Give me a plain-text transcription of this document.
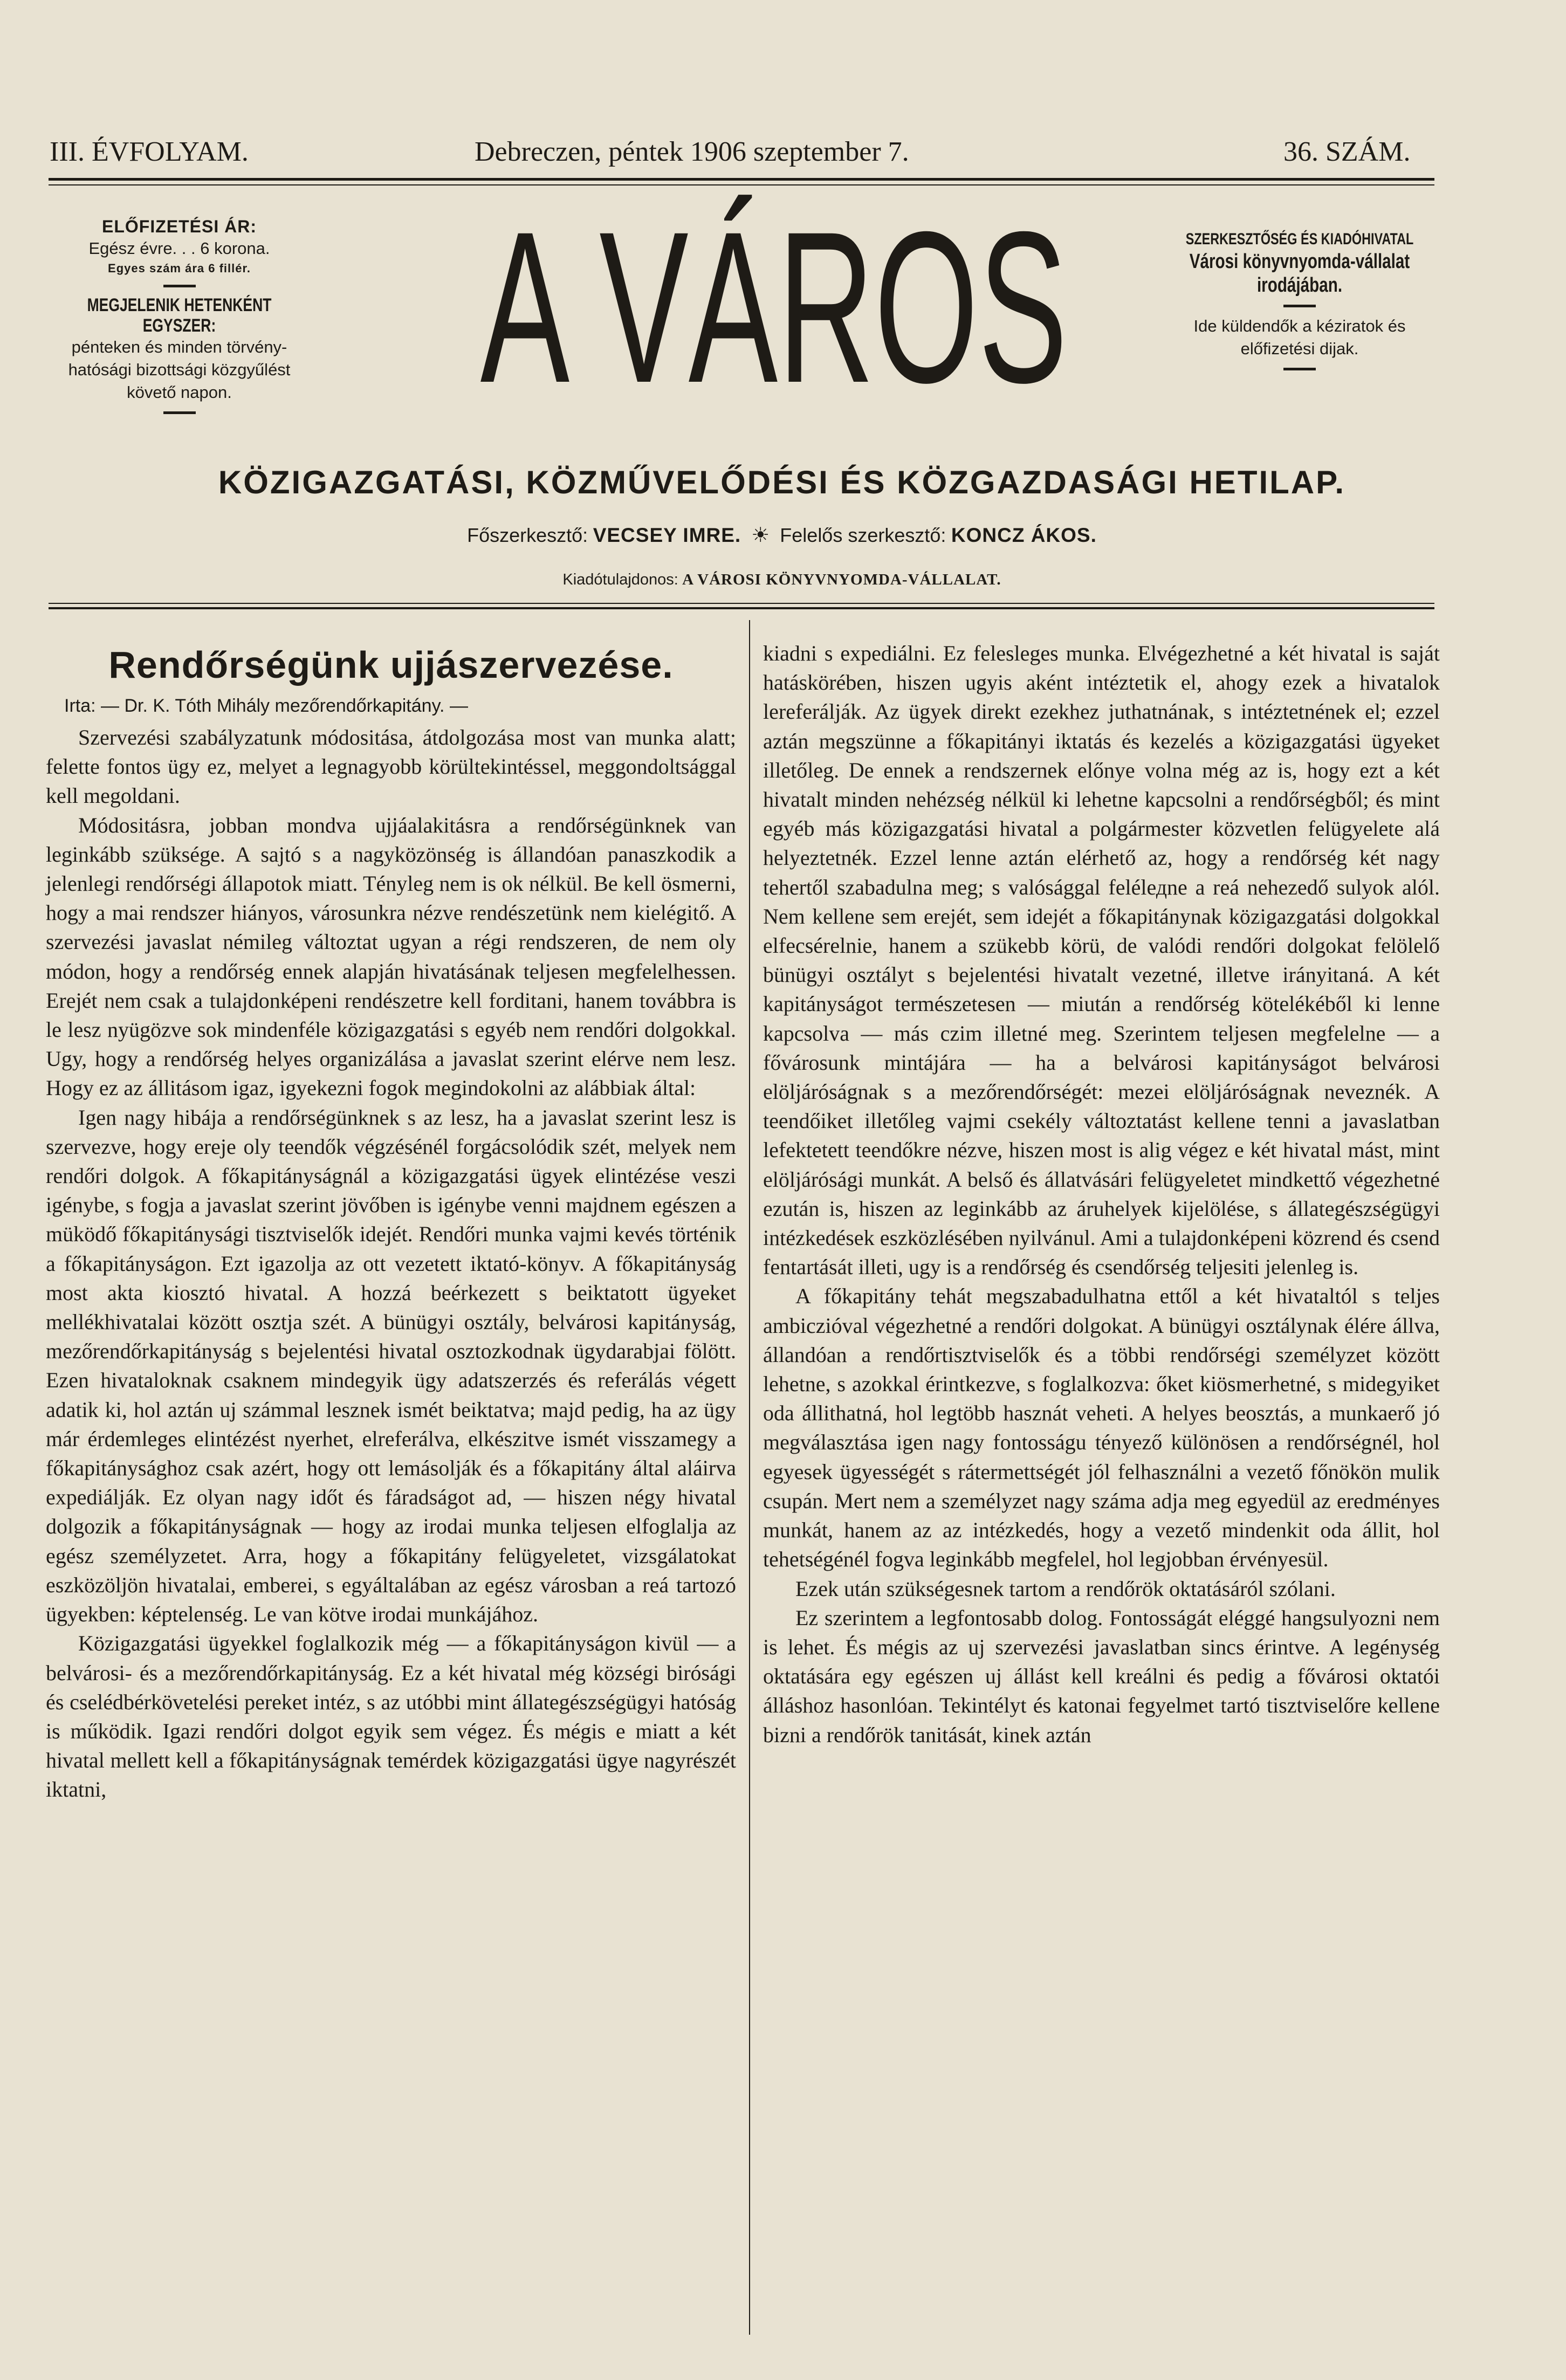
III. ÉVFOLYAM.	Debreczen, péntek 1906 szeptember 7.	36. SZÁM.
ELŐFIZETÉSI ÁR:
Egész évre. . . 6 korona.
Egyes szám ára 6 fillér.
MEGJELENIK HETENKÉNT EGYSZER:
pénteken és minden törvény-
hatósági bizottsági közgyűlést
követő napon.	A VÁROS	SZERKESZTŐSÉG ÉS KIADÓHIVATAL
Városi könyvnyomda-vállalat
irodájában.
Ide küldendők a kéziratok és
előfizetési dijak.
KÖZIGAZGATÁSI, KÖZMŰVELŐDÉSI ÉS KÖZGAZDASÁGI HETILAP.
Főszerkesztő: VECSEY IMRE. ☀ Felelős szerkesztő: KONCZ ÁKOS.
Kiadótulajdonos: A VÁROSI KÖNYVNYOMDA-VÁLLALAT.
Rendőrségünk ujjászervezése.
Irta: — Dr. K. Tóth Mihály mezőrendőrkapitány. —

Szervezési szabályzatunk módositása, átdolgozása most van munka alatt; felette fontos ügy ez, melyet a legnagyobb körültekintéssel, meggondoltsággal kell megoldani.

Módositásra, jobban mondva ujjáalakitásra a rendőrségünknek van leginkább szüksége. A sajtó s a nagyközönség is állandóan panaszkodik a jelenlegi rendőrségi állapotok miatt. Tényleg nem is ok nélkül. Be kell ösmerni, hogy a mai rendszer hiányos, városunkra nézve rendészetünk nem kielégitő. A szervezési javaslat némileg változtat ugyan a régi rendszeren, de nem oly módon, hogy a rendőrség ennek alapján hivatásának teljesen megfelelhessen. Erejét nem csak a tulajdonképeni rendészetre kell forditani, hanem továbbra is le lesz nyügözve sok mindenféle közigazgatási s egyéb nem rendőri dolgokkal. Ugy, hogy a rendőrség helyes organizálása a javaslat szerint elérve nem lesz. Hogy ez az állitásom igaz, igyekezni fogok megindokolni az alábbiak által:

Igen nagy hibája a rendőrségünknek s az lesz, ha a javaslat szerint lesz is szervezve, hogy ereje oly teendők végzésénél forgácsolódik szét, melyek nem rendőri dolgok. A főkapitányságnál a közigazgatási ügyek elintézése veszi igénybe, s fogja a javaslat szerint jövőben is igénybe venni majdnem egészen a müködő főkapitánysági tisztviselők idejét. Rendőri munka vajmi kevés történik a főkapitányságon. Ezt igazolja az ott vezetett iktató-könyv. A főkapitányság most akta kiosztó hivatal. A hozzá beérkezett s beiktatott ügyeket mellékhivatalai között osztja szét. A bünügyi osztály, belvárosi kapitányság, mezőrendőrkapitányság s bejelentési hivatal osztozkodnak ügydarabjai fölött. Ezen hivataloknak csaknem mindegyik ügy adatszerzés és referálás végett adatik ki, hol aztán uj számmal lesznek ismét beiktatva; majd pedig, ha az ügy már érdemleges elintézést nyerhet, elreferálva, elkészitve ismét visszamegy a főkapitánysághoz csak azért, hogy ott lemásolják és a főkapitány által aláirva expediálják. Ez olyan nagy időt és fáradságot ad, — hiszen négy hivatal dolgozik a főkapitányságnak — hogy az irodai munka teljesen elfoglalja az egész személyzetet. Arra, hogy a főkapitány felügyeletet, vizsgálatokat eszközöljön hivatalai, emberei, s egyáltalában az egész városban a reá tartozó ügyekben: képtelenség. Le van kötve irodai munkájához.

Közigazgatási ügyekkel foglalkozik még — a főkapitányságon kivül — a belvárosi- és a mezőrendőrkapitányság. Ez a két hivatal még községi birósági és cselédbérkövetelési pereket intéz, s az utóbbi mint állategészségügyi hatóság is működik. Igazi rendőri dolgot egyik sem végez. És mégis e miatt a két hivatal mellett kell a főkapitányságnak temérdek közigazgatási ügye nagyrészét iktatni,

kiadni s expediálni. Ez felesleges munka. Elvégezhetné a két hivatal is saját hatáskörében, hiszen ugyis aként intéztetik el, ahogy ezek a hivatalok lereferálják. Az ügyek direkt ezekhez juthatnának, s intéztetnének el; ezzel aztán megszünne a főkapitányi iktatás és kezelés a közigazgatási ügyeket illetőleg. De ennek a rendszernek előnye volna még az is, hogy ezt a két hivatalt minden nehézség nélkül ki lehetne kapcsolni a rendőrségből; és mint egyéb más közigazgatási hivatal a polgármester közvetlen felügyelete alá helyeztetnék. Ezzel lenne aztán elérhető az, hogy a rendőrség két nagy tehertől szabadulna meg; s valósággal felélедne a reá nehezedő sulyok alól. Nem kellene sem erejét, sem idejét a főkapitánynak közigazgatási dolgokkal elfecsérelnie, hanem a szükebb körü, de valódi rendőri dolgokat felölelő bünügyi osztályt s bejelentési hivatalt vezetné, illetve irányitaná. A két kapitányságot természetesen — miután a rendőrség kötelékéből ki lenne kapcsolva — más czim illetné meg. Szerintem teljesen megfelelne — a fővárosunk mintájára — ha a belvárosi kapitányságot belvárosi elöljáróságnak s a mezőrendőrségét: mezei elöljáróságnak neveznék. A teendőiket illetőleg vajmi csekély változtatást kellene tenni a javaslatban lefektetett teendőkre nézve, hiszen most is alig végez e két hivatal mást, mint elöljárósági munkát. A belső és állatvásári felügyeletet mindkettő végezhetné ezután is, hiszen az leginkább az áruhelyek kijelölése, s állategészségügyi intézkedések eszközlésében nyilvánul. Ami a tulajdonképeni közrend és csend fentartását illeti, ugy is a rendőrség és csendőrség teljesiti jelenleg is.

A főkapitány tehát megszabadulhatna ettől a két hivataltól s teljes ambiczióval végezhetné a rendőri dolgokat. A bünügyi osztálynak élére állva, állandóan a rendőrtisztviselők és a többi rendőrségi személyzet között lehetne, s azokkal érintkezve, s foglalkozva: őket kiösmerhetné, s midegyiket oda állithatná, hol legtöbb hasznát veheti. A helyes beosztás, a munkaerő jó megválasztása igen nagy fontosságu tényező különösen a rendőrségnél, hol egyesek ügyességét s rátermettségét jól felhasználni a vezető főnökön mulik csupán. Mert nem a személyzet nagy száma adja meg egyedül az eredményes munkát, hanem az az intézkedés, hogy a vezető mindenkit oda állit, hol tehetségénél fogva leginkább megfelel, hol legjobban érvényesül.

Ezek után szükségesnek tartom a rendőrök oktatásáról szólani.

Ez szerintem a legfontosabb dolog. Fontosságát eléggé hangsulyozni nem is lehet. És mégis az uj szervezési javaslatban sincs érintve. A legénység oktatására egy egészen uj állást kell kreálni és pedig a fővárosi oktatói álláshoz hasonlóan. Tekintélyt és katonai fegyelmet tartó tisztviselőre kellene bizni a rendőrök tanitását, kinek aztán
